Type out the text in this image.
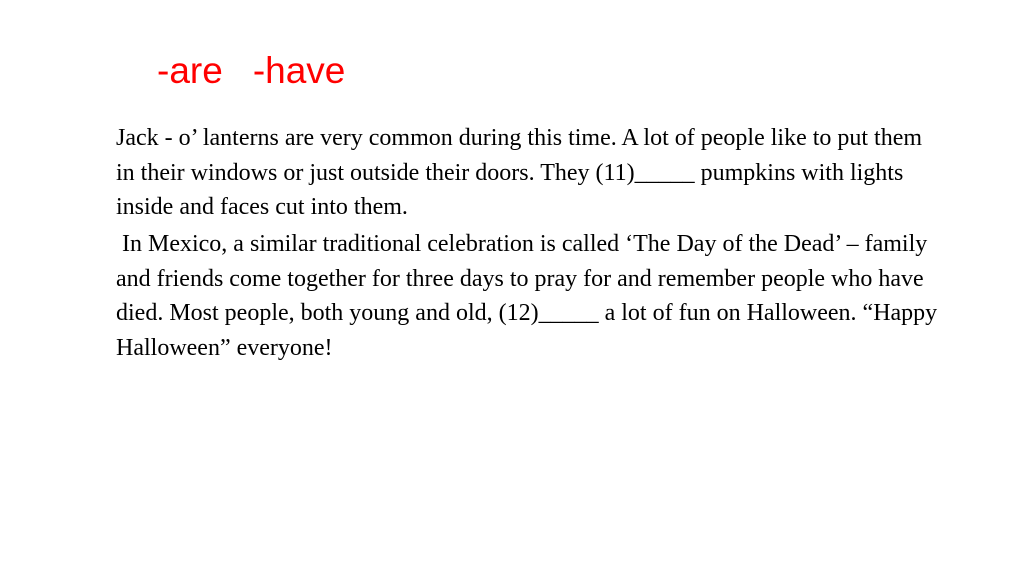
-are -have
Jack - o’ lanterns are very common during this time. A lot of people like to put them in their windows or just outside their doors. They (11)_____ pumpkins with lights inside and faces cut into them.
In Mexico, a similar traditional celebration is called ‘The Day of the Dead’ – family and friends come together for three days to pray for and remember people who have died. Most people, both young and old, (12)_____ a lot of fun on Halloween. “Happy Halloween” everyone!
